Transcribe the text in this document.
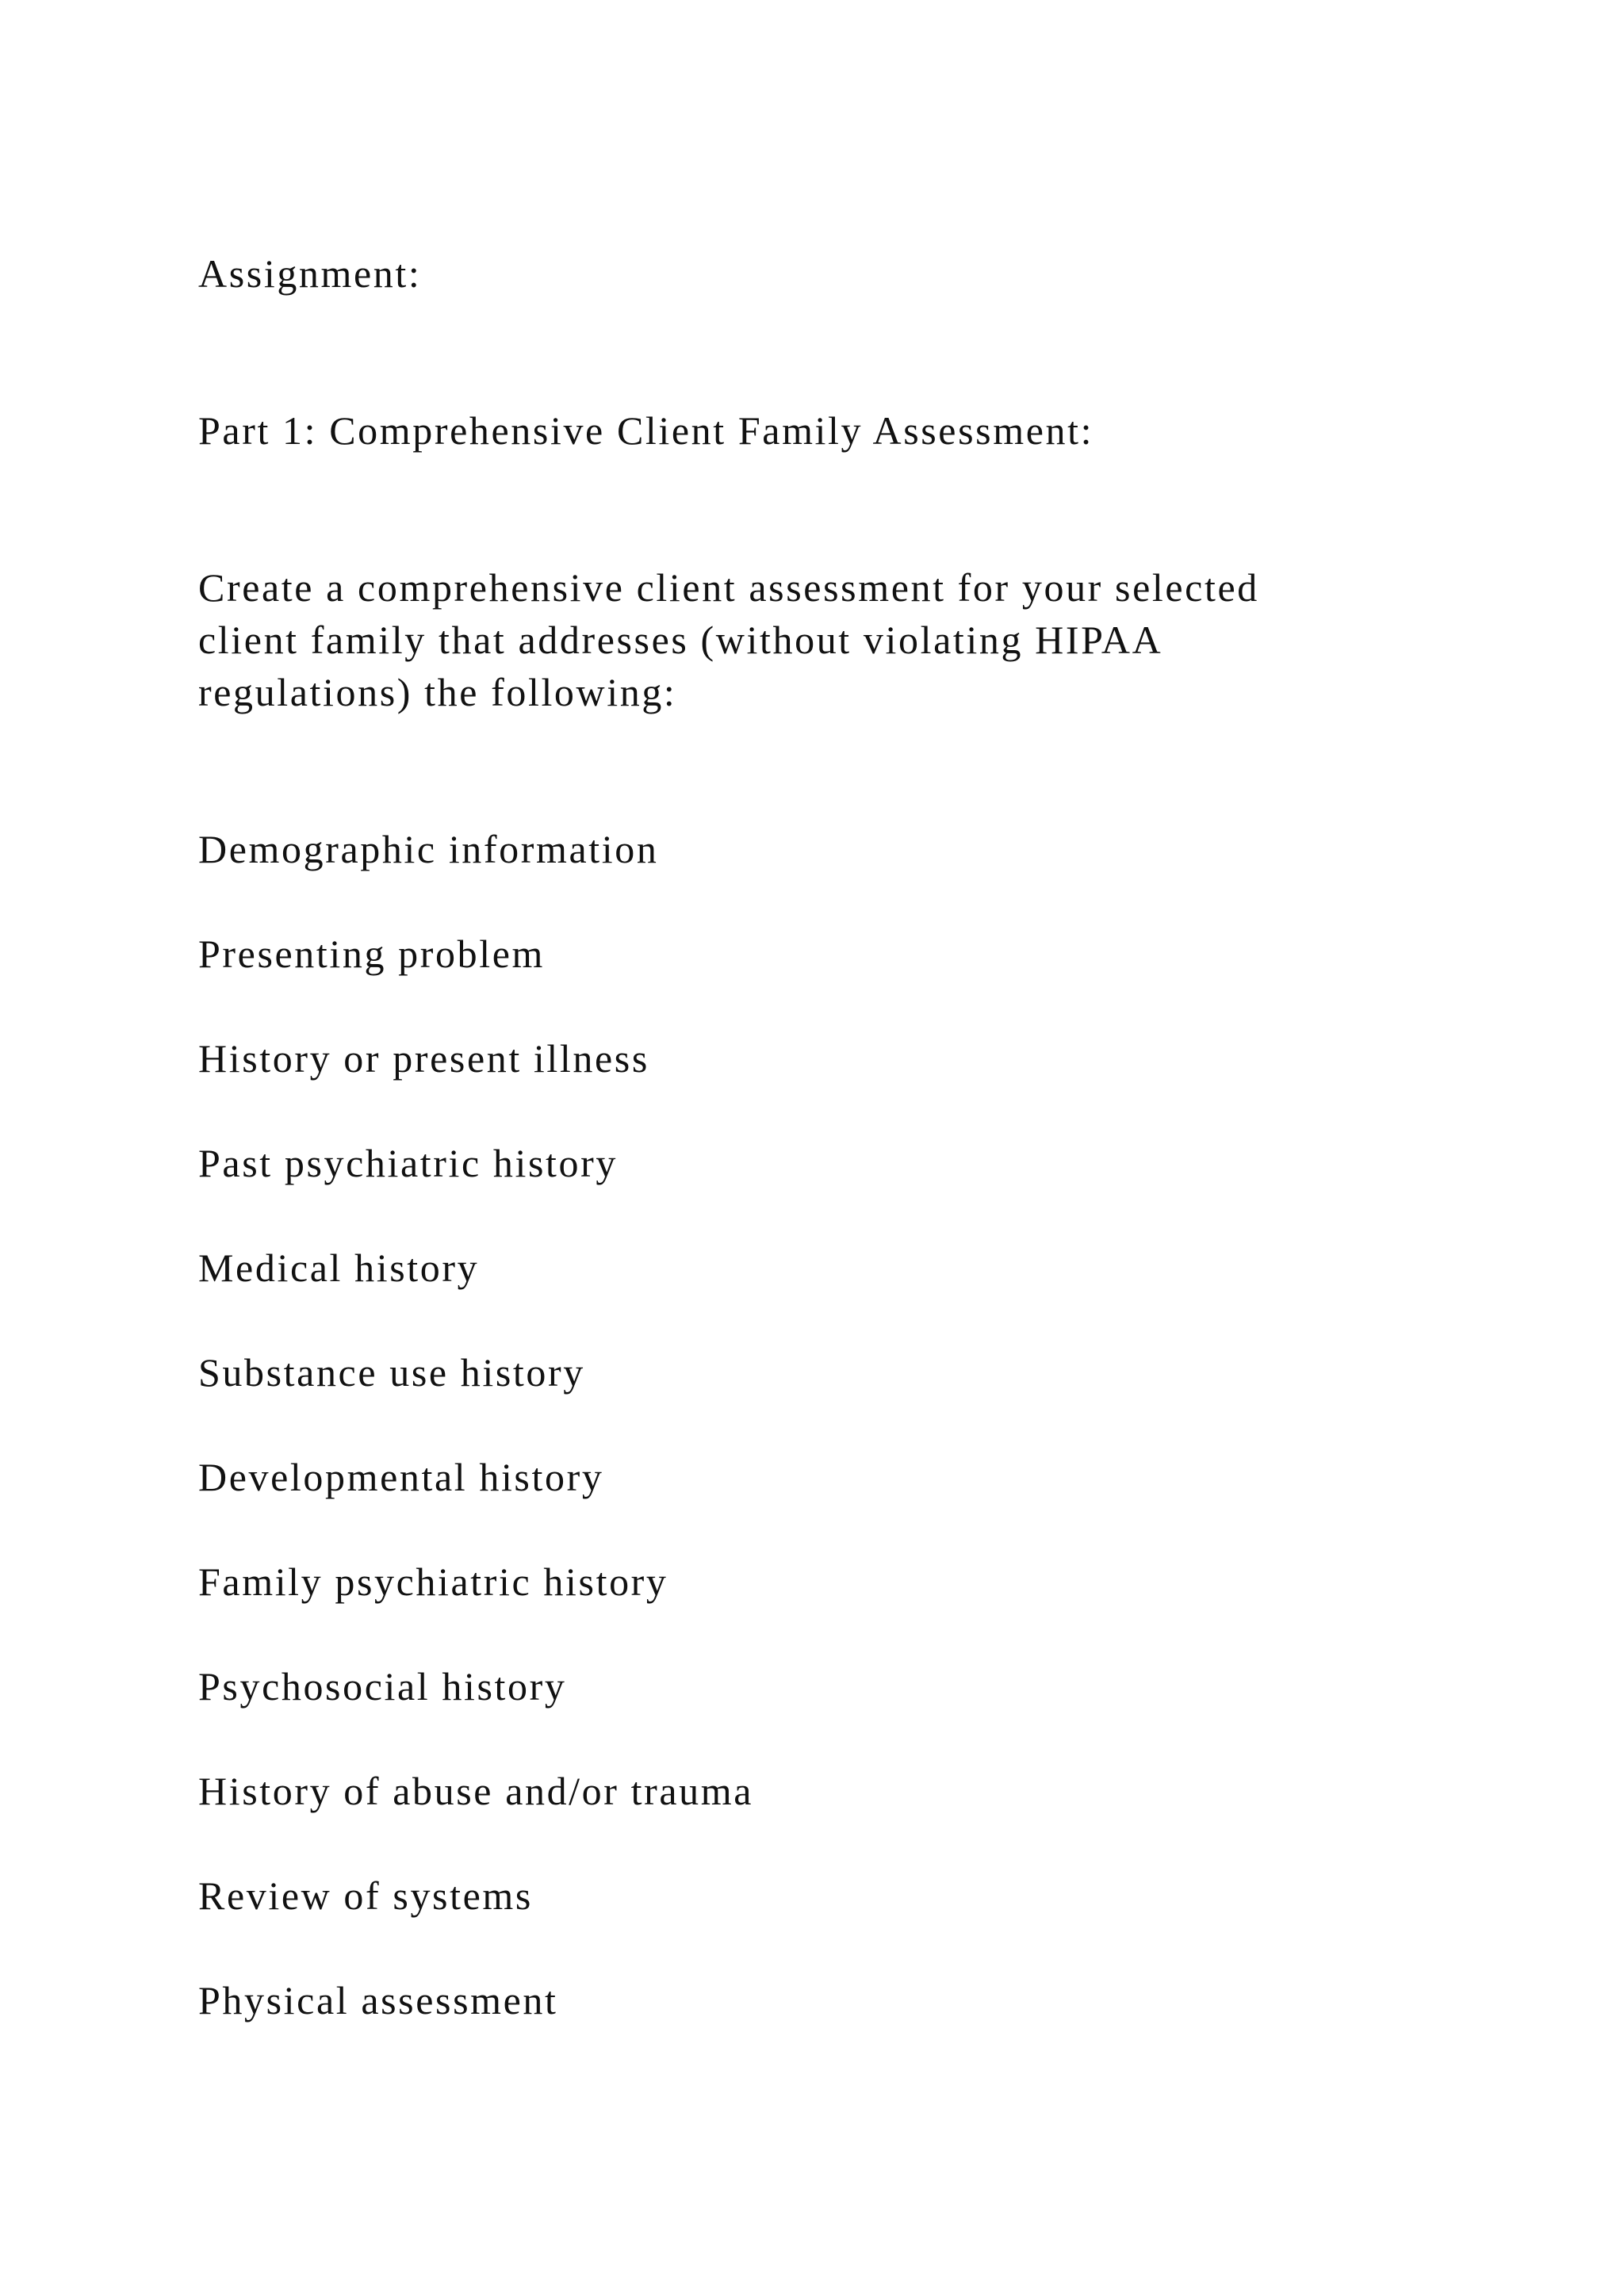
Assignment:

Part 1: Comprehensive Client Family Assessment:

Create a comprehensive client assessment for your selected
client family that addresses (without violating HIPAA
regulations) the following:

Demographic information

Presenting problem

History or present illness

Past psychiatric history

Medical history

Substance use history

Developmental history

Family psychiatric history

Psychosocial history

History of abuse and/or trauma

Review of systems

Physical assessment
